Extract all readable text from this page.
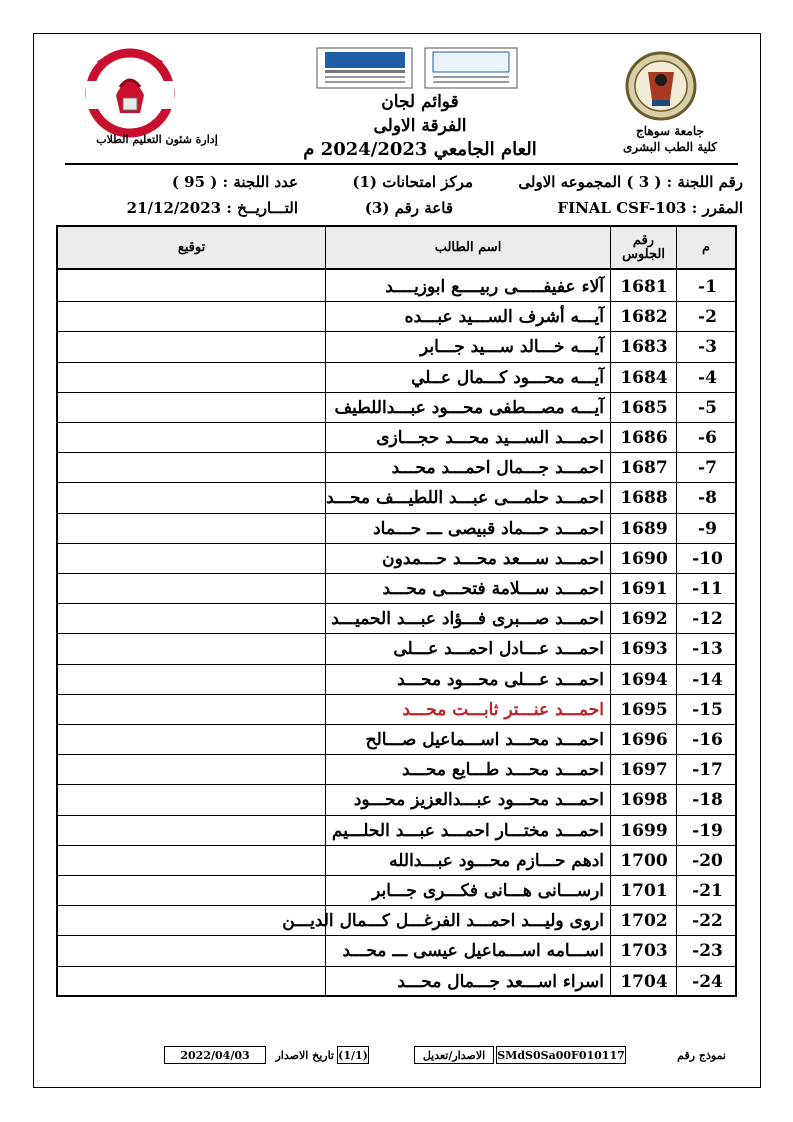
جامعة سوهاج
كلية الطب البشرى
إدارة شئون التعليم الطلاب
قوائم لجان
الفرقة الاولى
العام الجامعي 2024/2023 م
رقم اللجنة : ( 3 ) المجموعه الاولى
مركز امتحانات (1)
عدد اللجنة : ( 95 )
المقرر : FINAL CSF-103
قاعة رقم (3)
التـــاريــخ : 21/12/2023
م
رقم
الجلوس
اسم الطالب
توقيع
-1
1681
آلاء عفيفـــــى ربيــــع ابوزيــــد
-2
1682
آيـــه أشرف الســـيد عبـــده
-3
1683
آيـــه خـــالد ســـيد جـــابر
-4
1684
آيـــه محـــود كـــمال عــلي
-5
1685
آيـــه مصـــطفى محـــود عبـــداللطيف
-6
1686
احمـــد الســـيد محـــد حجـــازى
-7
1687
احمـــد جـــمال احمـــد محـــد
-8
1688
احمـــد حلمـــى عبـــد اللطيـــف محـــد
-9
1689
احمـــد حـــماد قبيصى ـــ حـــماد
-10
1690
احمـــد ســـعد محـــد حـــمدون
-11
1691
احمـــد ســـلامة فتحـــى محـــد
-12
1692
احمـــد صـــبرى فـــؤاد عبـــد الحميـــد
-13
1693
احمـــد عـــادل احمـــد عـــلى
-14
1694
احمـــد عـــلى محـــود محـــد
-15
1695
احمـــد عنـــتر ثابـــت محـــد
-16
1696
احمـــد محـــد اســـماعيل صـــالح
-17
1697
احمـــد محـــد طـــايع محـــد
-18
1698
احمـــد محـــود عبـــدالعزيز محـــود
-19
1699
احمـــد مختـــار احمـــد عبـــد الحلـــيم
-20
1700
ادهم حـــازم محـــود عبـــدالله
-21
1701
ارســـانى هـــانى فكـــرى جـــابر
-22
1702
اروى وليـــد احمـــد الفرغـــل كـــمال الديـــن
-23
1703
اســـامه اســـماعيل عيسى ـــ محـــد
-24
1704
اسراء اســـعد جـــمال محـــد
نموذج رقم
SMdS0Sa00F010117
الاصدار/تعديل
(1/1)
تاريخ الاصدار
2022/04/03
